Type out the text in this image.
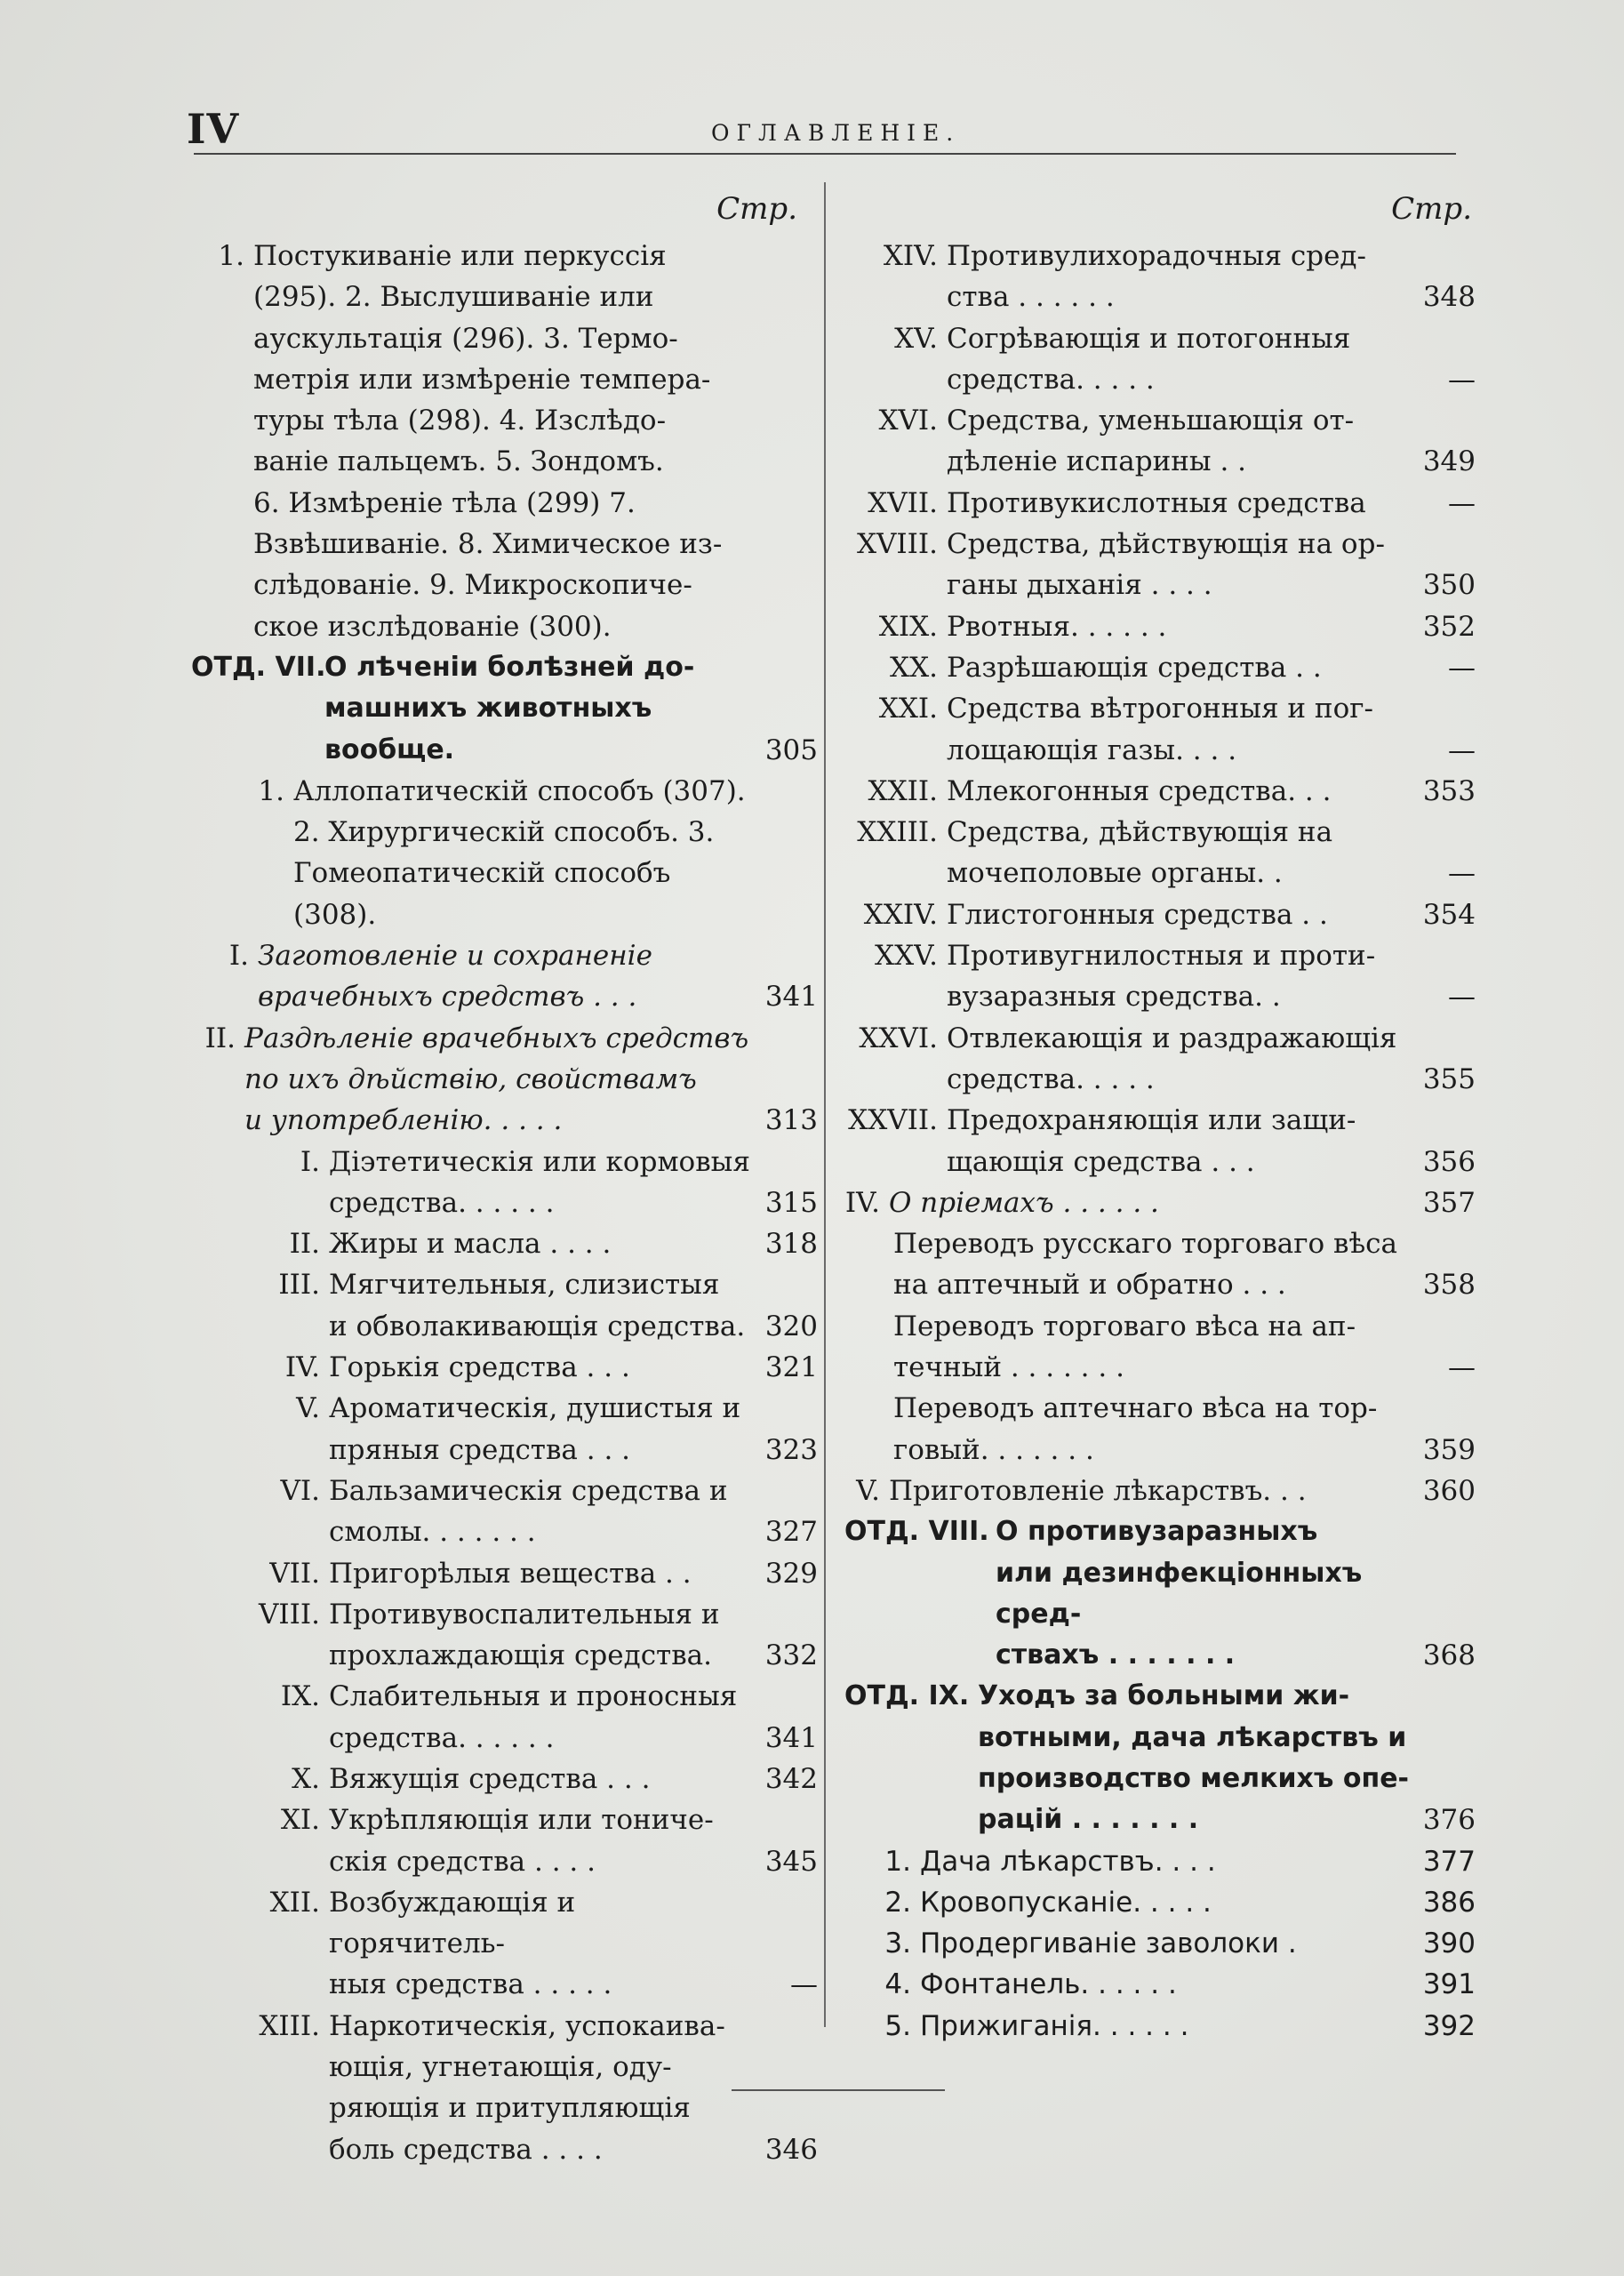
IV	ОГЛАВЛЕНІЕ.
Стр.
1. Постукиваніе или перкуссія
(295). 2. Выслушиваніе или
аускультація (296). 3. Термо-
метрія или измѣреніе темпера-
туры тѣла (298). 4. Изслѣдо-
ваніе пальцемъ. 5. Зондомъ.
6. Измѣреніе тѣла (299) 7.
Взвѣшиваніе. 8. Химическое из-
слѣдованіе. 9. Микроскопиче-
ское изслѣдованіе (300).
ОТД. VII.
О лѣченіи болѣзней до-
машнихъ животныхъ вообще.	305
1. Аллопатическій способъ (307).
2. Хирургическій способъ. 3.
Гомеопатическій способъ (308).
I. Заготовленіе и сохраненіе
врачебныхъ средствъ . . .	341
II. Раздѣленіе врачебныхъ средствъ
по ихъ дѣйствію, свойствамъ
и употребленію. . . . .	313
I. Діэтетическія или кормовыя
средства. . . . . .	315
II. Жиры и масла . . . .	318
III. Мягчительныя, слизистыя
и обволакивающія средства. 320
IV. Горькія средства . . .	321
V. Ароматическія, душистыя и
пряныя средства . . .	323
VI. Бальзамическія средства и
смолы. . . . . . .	327
VII. Пригорѣлыя вещества . .	329
VIII. Противувоспалительныя и
прохлаждающія средства.	332
IX. Слабительныя и проносныя
средства. . . . . .	341
X. Вяжущія средства . . .	342
XI. Укрѣпляющія или тониче-
скія средства . . . .	345
XII. Возбуждающія и горячитель-
ныя средства . . . . .	—
XIII. Наркотическія, успокаива-
ющія, угнетающія, оду-
ряющія и притупляющія
боль средства . . . .	346
Стр.
XIV. Противулихорадочныя сред-
ства . . . . . .	348
XV. Согрѣвающія и потогонныя
средства. . . . .	—
XVI. Средства, уменьшающія от-
дѣленіе испарины . .	349
XVII. Противукислотныя средства	—
XVIII. Средства, дѣйствующія на ор-
ганы дыханія . . . .	350
XIX. Рвотныя. . . . . .	352
XX. Разрѣшающія средства . .	—
XXI. Средства вѣтрогонныя и пог-
лощающія газы. . . .	—
XXII. Млекогонныя средства. . .	353
XXIII. Средства, дѣйствующія на
мочеполовые органы. .	—
XXIV. Глистогонныя средства . .	354
XXV. Противугнилостныя и проти-
вузаразныя средства. .	—
XXVI. Отвлекающія и раздражающія
средства. . . . .	355
XXVII. Предохраняющія или защи-
щающія средства . . .	356
IV. О пріемахъ . . . . . .	357
Переводъ русскаго торговаго вѣса
на аптечный и обратно . . .	358
Переводъ торговаго вѣса на ап-
течный . . . . . . .	—
Переводъ аптечнаго вѣса на тор-
говый. . . . . . .	359
V. Приготовленіе лѣкарствъ. . .	360
ОТД. VIII. О противузаразныхъ
или дезинфекціонныхъ сред-
ствахъ . . . . . . .	368
ОТД. IX. Уходъ за больными жи-
вотными, дача лѣкарствъ и
производство мелкихъ опе-
рацій . . . . . . .	376
1. Дача лѣкарствъ. . . .	377
2. Кровопусканіе. . . . .	386
3. Продергиваніе заволоки .	390
4. Фонтанель. . . . . .	391
5. Прижиганія. . . . . .	392
